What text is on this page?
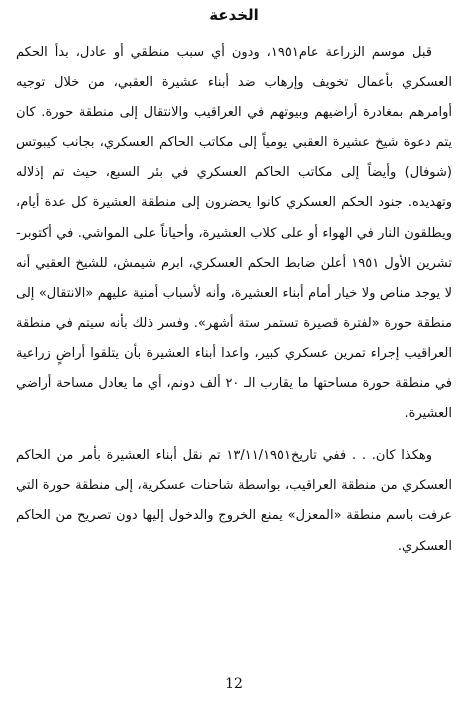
الخدعة

قبل موسم الزراعة عام١٩٥١، ودون أي سبب منطقي أو عادل، بدأ الحكم العسكري بأعمال تخويف وإرهاب ضد أبناء عشيرة العقبي، من خلال توجيه أوامرهم بمغادرة أراضيهم وبيوتهم في العراقيب والانتقال إلى منطقة حورة. كان يتم دعوة شيخ عشيرة العقبي يومياً إلى مكاتب الحاكم العسكري، بجانب كيبوتس (شوفال) وأيضاً إلى مكاتب الحاكم العسكري في بئر السبع، حيث تم إذلاله وتهديده. جنود الحكم العسكري كانوا يحضرون إلى منطقة العشيرة كل عدة أيام، ويطلقون النار في الهواء أو على كلاب العشيرة، وأحياناً على المواشي. في أكتوبر-تشرين الأول ١٩٥١ أعلن ضابط الحكم العسكري، ابرم شيمش، للشيخ العقبي أنه لا يوجد مناص ولا خيار أمام أبناء العشيرة، وأنه لأسباب أمنية عليهم «الانتقال» إلى منطقة حورة «لفترة قصيرة تستمر ستة أشهر». وفسر ذلك بأنه سيتم في منطقة العراقيب إجراء تمرين عسكري كبير، واعدا أبناء العشيرة بأن يتلقوا أراضٍ زراعية في منطقة حورة مساحتها ما يقارب الـ ٢٠ ألف دونم، أي ما يعادل مساحة أراضي العشيرة.

وهكذا كان. . . ففي تاريخ١٣/١١/١٩٥١ تم نقل أبناء العشيرة بأمر من الحاكم العسكري من منطقة العراقيب، بواسطة شاحنات عسكرية، إلى منطقة حورة التي عرفت باسم منطقة «المعزل» يمنع الخروج والدخول إليها دون تصريح من الحاكم العسكري.

12
